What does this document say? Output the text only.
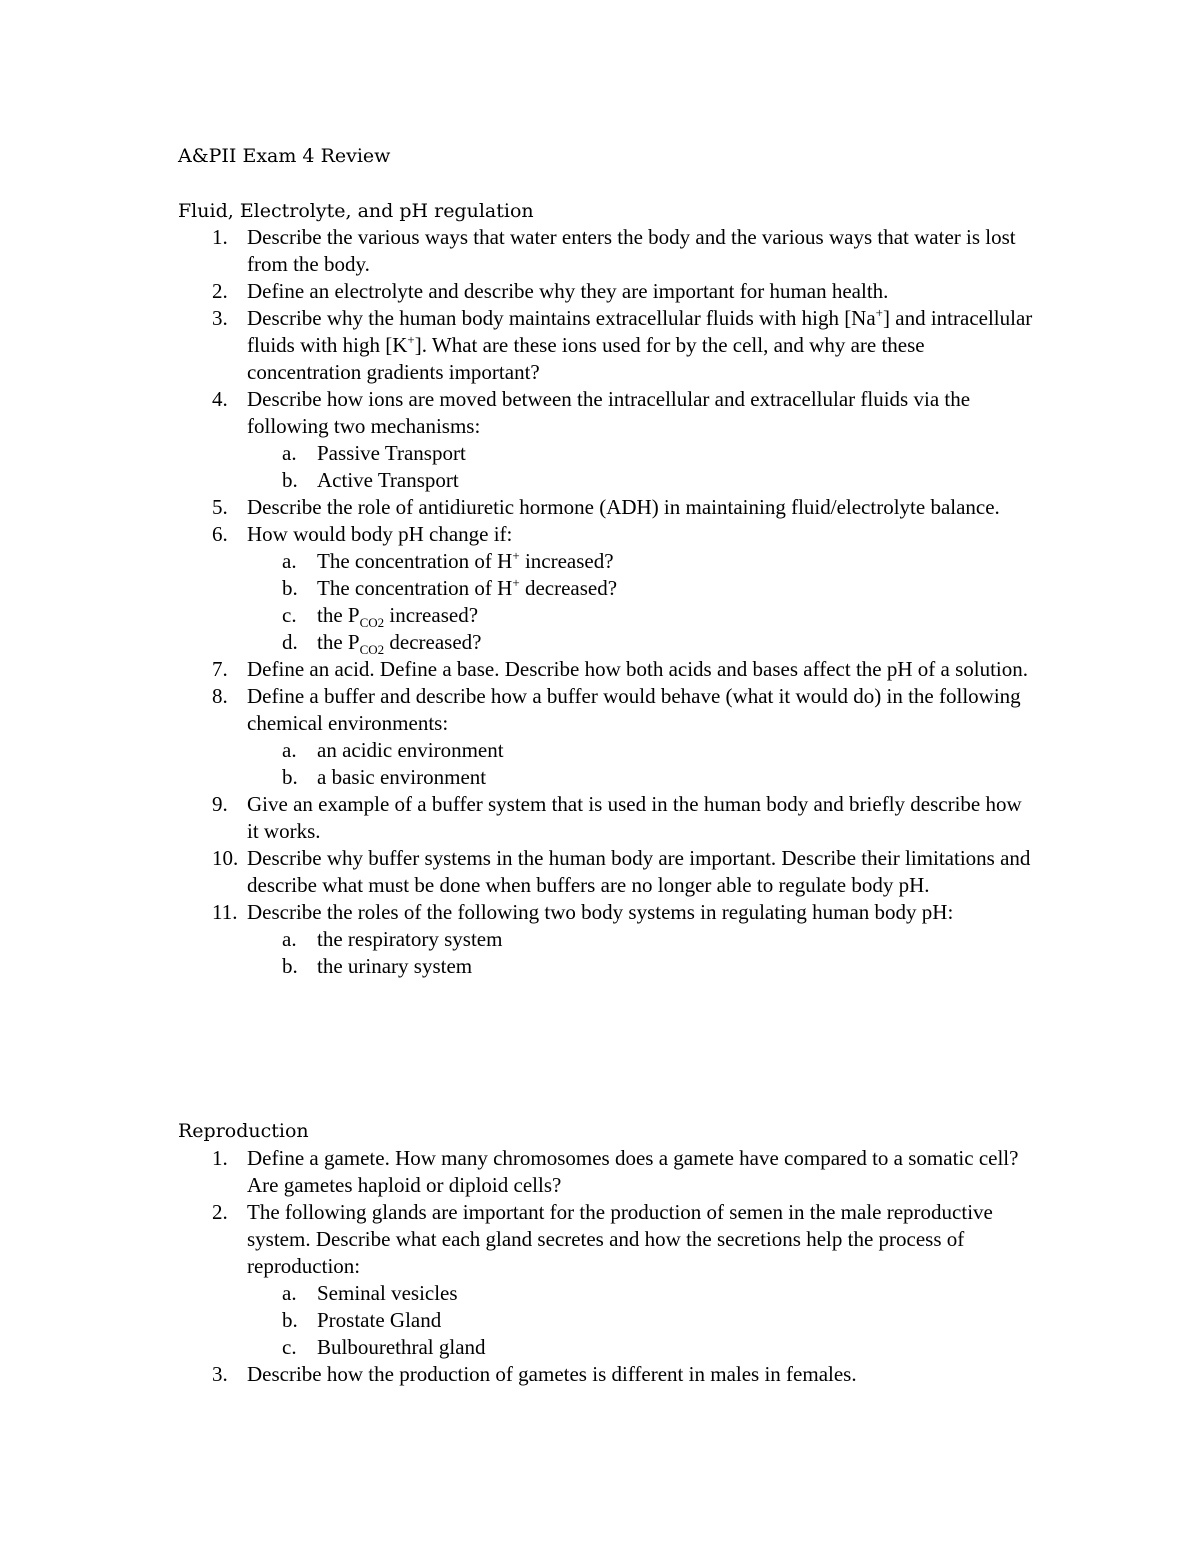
A&PII Exam 4 Review
Fluid, Electrolyte, and pH regulation
1. Describe the various ways that water enters the body and the various ways that water is lost from the body.
2. Define an electrolyte and describe why they are important for human health.
3. Describe why the human body maintains extracellular fluids with high [Na+] and intracellular fluids with high [K+]. What are these ions used for by the cell, and why are these concentration gradients important?
4. Describe how ions are moved between the intracellular and extracellular fluids via the following two mechanisms:
a. Passive Transport
b. Active Transport
5. Describe the role of antidiuretic hormone (ADH) in maintaining fluid/electrolyte balance.
6. How would body pH change if:
a. The concentration of H+ increased?
b. The concentration of H+ decreased?
c. the $P_{CO2}$ increased?
d. the $P_{CO2}$ decreased?
7. Define an acid. Define a base. Describe how both acids and bases affect the pH of a solution.
8. Define a buffer and describe how a buffer would behave (what it would do) in the following chemical environments:
a. an acidic environment
b. a basic environment
9. Give an example of a buffer system that is used in the human body and briefly describe how it works.
10. Describe why buffer systems in the human body are important. Describe their limitations and describe what must be done when buffers are no longer able to regulate body pH.
11. Describe the roles of the following two body systems in regulating human body pH:
a. the respiratory system
b. the urinary system
Reproduction
1. Define a gamete. How many chromosomes does a gamete have compared to a somatic cell? Are gametes haploid or diploid cells?
2. The following glands are important for the production of semen in the male reproductive system. Describe what each gland secretes and how the secretions help the process of reproduction:
a. Seminal vesicles
b. Prostate Gland
c. Bulbourethral gland
3. Describe how the production of gametes is different in males in females.
